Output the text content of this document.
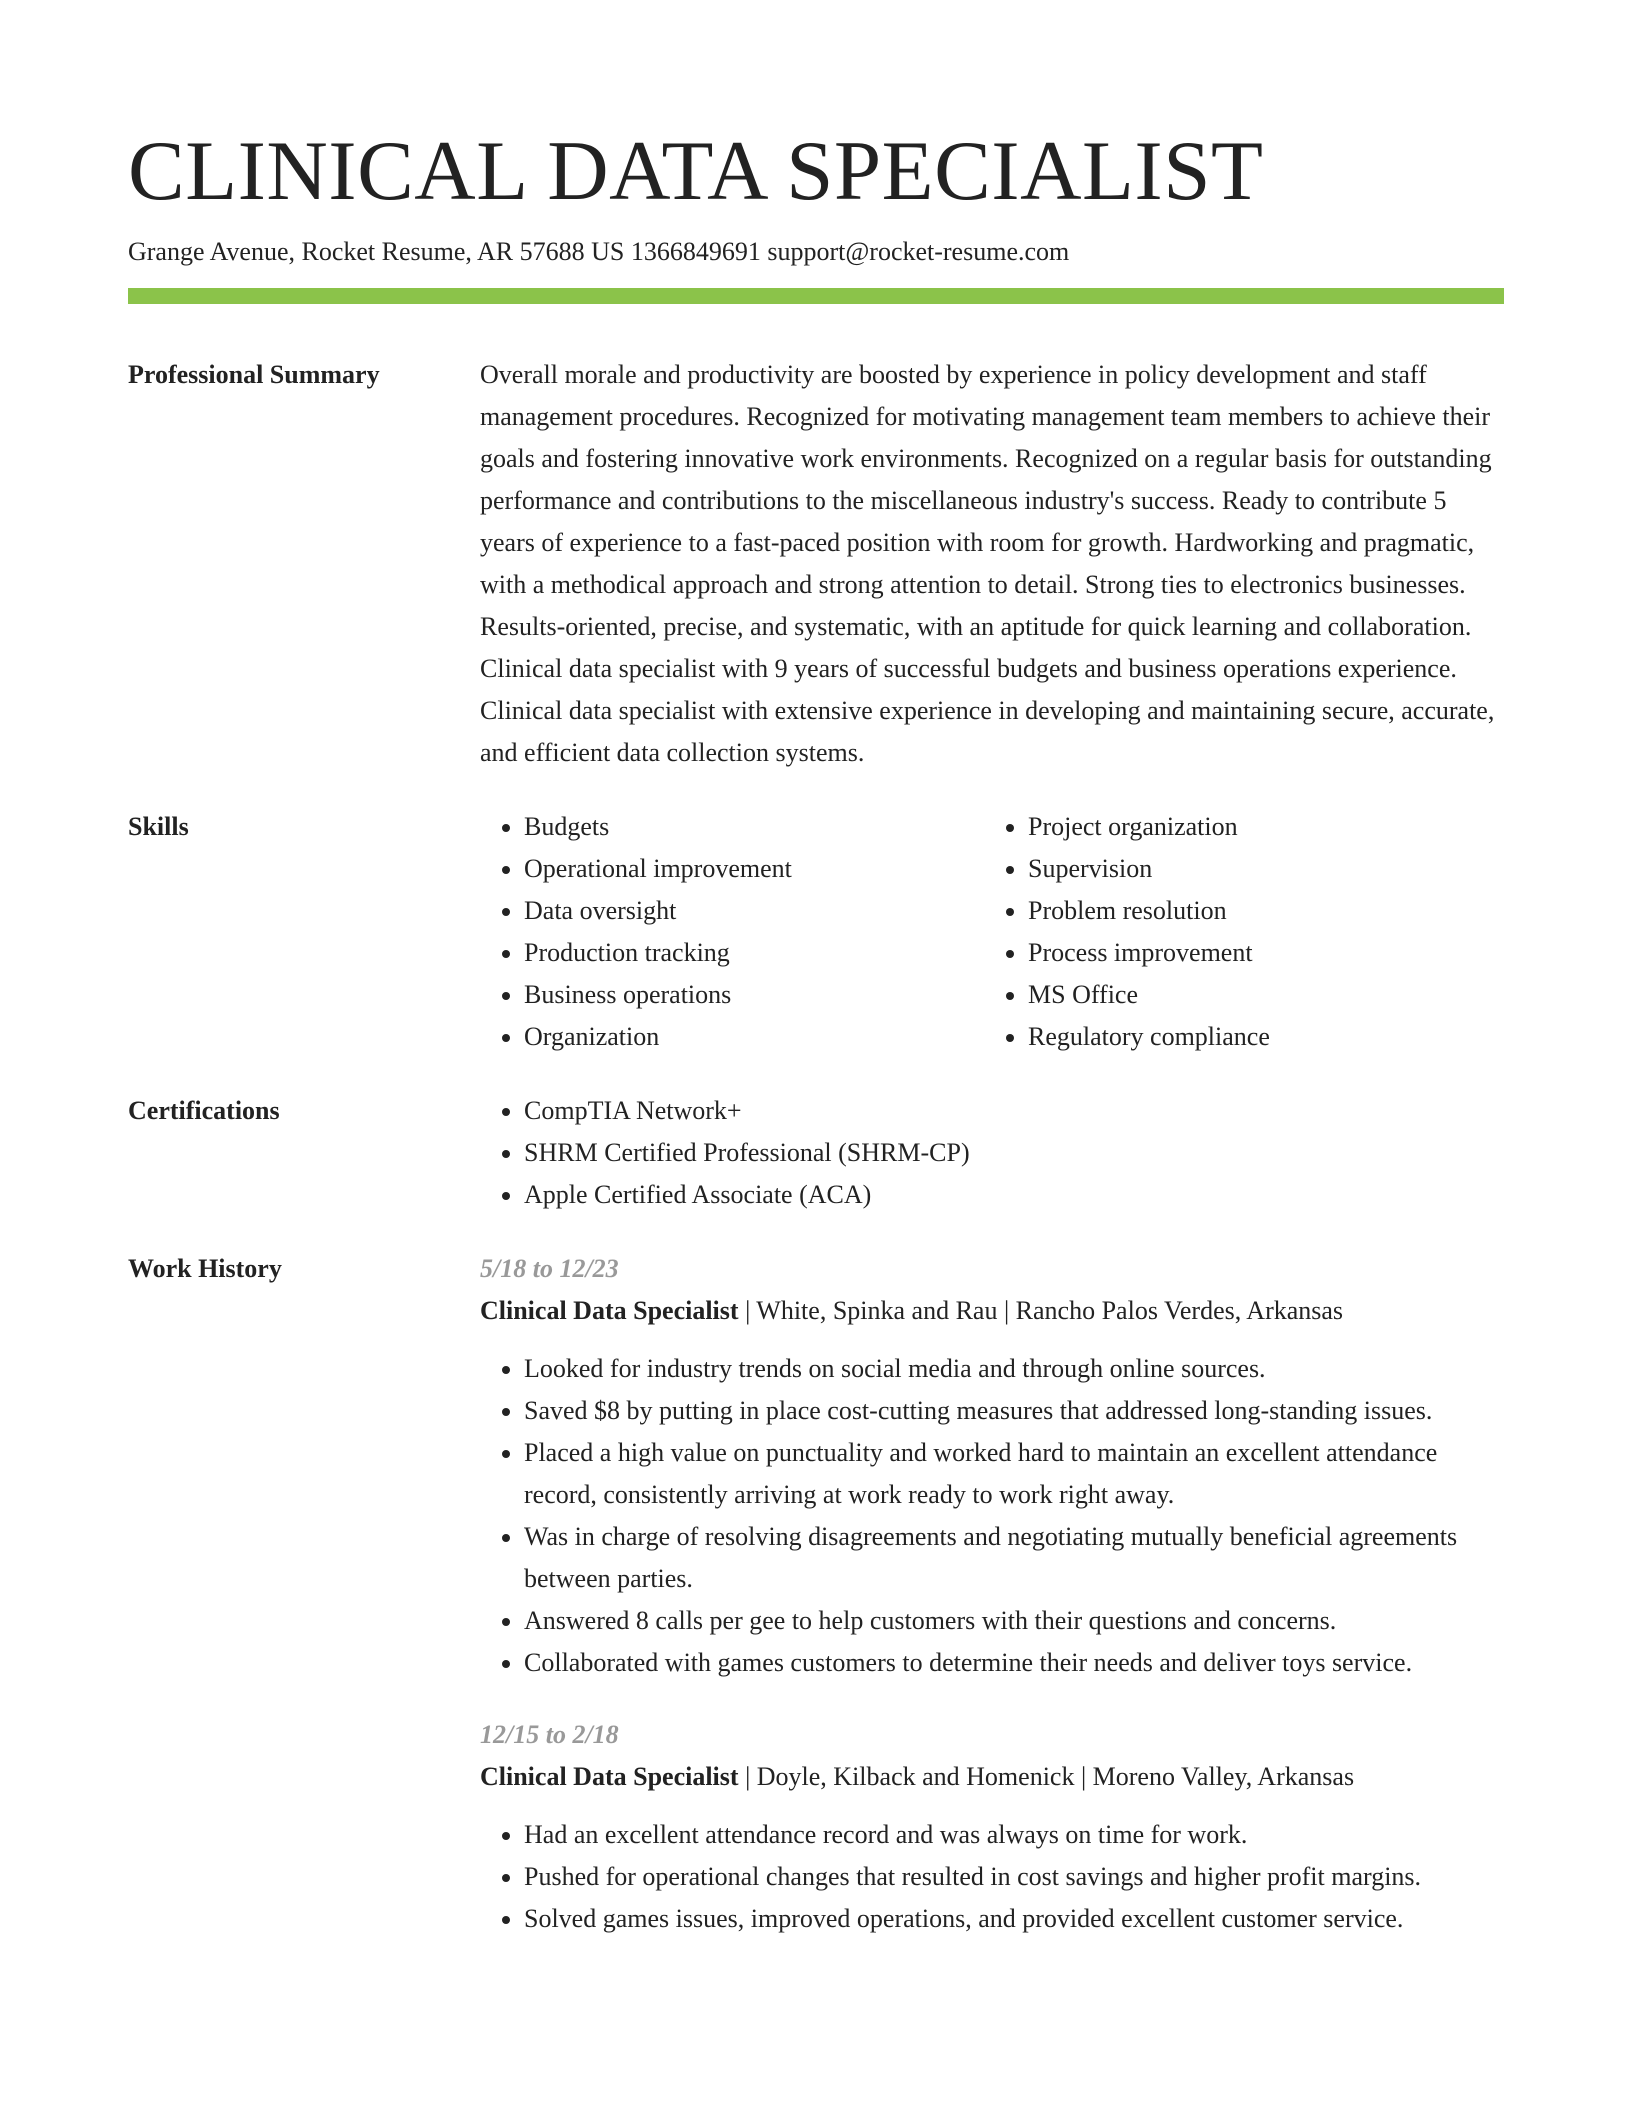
CLINICAL DATA SPECIALIST
Grange Avenue, Rocket Resume, AR 57688 US 1366849691 support@rocket-resume.com
Professional Summary	Overall morale and productivity are boosted by experience in policy development and staff management procedures. Recognized for motivating management team members to achieve their goals and fostering innovative work environments. Recognized on a regular basis for outstanding performance and contributions to the miscellaneous industry's success. Ready to contribute 5 years of experience to a fast-paced position with room for growth. Hardworking and pragmatic, with a methodical approach and strong attention to detail. Strong ties to electronics businesses. Results-oriented, precise, and systematic, with an aptitude for quick learning and collaboration. Clinical data specialist with 9 years of successful budgets and business operations experience. Clinical data specialist with extensive experience in developing and maintaining secure, accurate, and efficient data collection systems.
Skills	• Budgets
• Operational improvement
• Data oversight
• Production tracking
• Business operations
• Organization
• Project organization
• Supervision
• Problem resolution
• Process improvement
• MS Office
• Regulatory compliance
Certifications	• CompTIA Network+
• SHRM Certified Professional (SHRM-CP)
• Apple Certified Associate (ACA)
Work History	5/18 to 12/23
Clinical Data Specialist | White, Spinka and Rau | Rancho Palos Verdes, Arkansas
• Looked for industry trends on social media and through online sources.
• Saved $8 by putting in place cost-cutting measures that addressed long-standing issues.
• Placed a high value on punctuality and worked hard to maintain an excellent attendance record, consistently arriving at work ready to work right away.
• Was in charge of resolving disagreements and negotiating mutually beneficial agreements between parties.
• Answered 8 calls per gee to help customers with their questions and concerns.
• Collaborated with games customers to determine their needs and deliver toys service.
12/15 to 2/18
Clinical Data Specialist | Doyle, Kilback and Homenick | Moreno Valley, Arkansas
• Had an excellent attendance record and was always on time for work.
• Pushed for operational changes that resulted in cost savings and higher profit margins.
• Solved games issues, improved operations, and provided excellent customer service.
